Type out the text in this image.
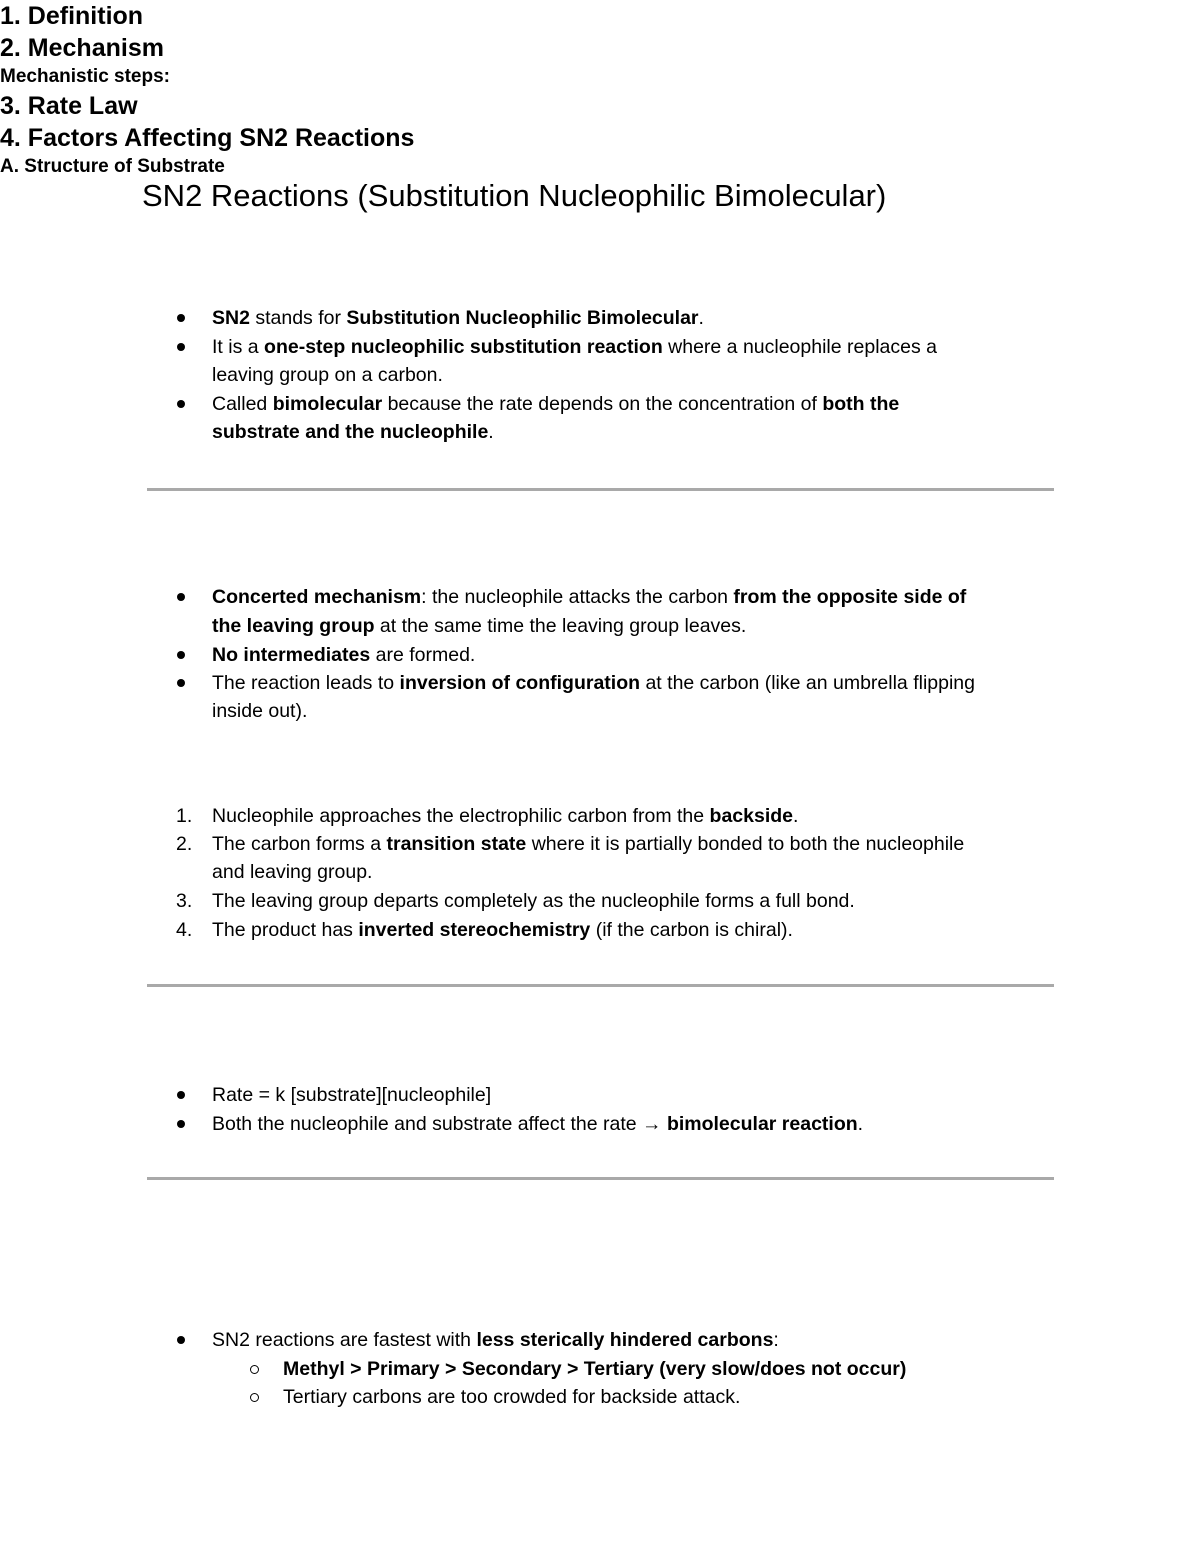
SN2 Reactions (Substitution Nucleophilic Bimolecular)
1. Definition
SN2 stands for Substitution Nucleophilic Bimolecular.
It is a one-step nucleophilic substitution reaction where a nucleophile replaces a
leaving group on a carbon.
Called bimolecular because the rate depends on the concentration of both the
substrate and the nucleophile.
2. Mechanism
Concerted mechanism: the nucleophile attacks the carbon from the opposite side of
the leaving group at the same time the leaving group leaves.
No intermediates are formed.
The reaction leads to inversion of configuration at the carbon (like an umbrella flipping
inside out).
Mechanistic steps:
1.	Nucleophile approaches the electrophilic carbon from the backside.
2.	The carbon forms a transition state where it is partially bonded to both the nucleophile
and leaving group.
3.	The leaving group departs completely as the nucleophile forms a full bond.
4.	The product has inverted stereochemistry (if the carbon is chiral).
3. Rate Law
Rate = k [substrate][nucleophile]
Both the nucleophile and substrate affect the rate → bimolecular reaction.
4. Factors Affecting SN2 Reactions
A. Structure of Substrate
SN2 reactions are fastest with less sterically hindered carbons:
Methyl > Primary > Secondary > Tertiary (very slow/does not occur)
Tertiary carbons are too crowded for backside attack.
